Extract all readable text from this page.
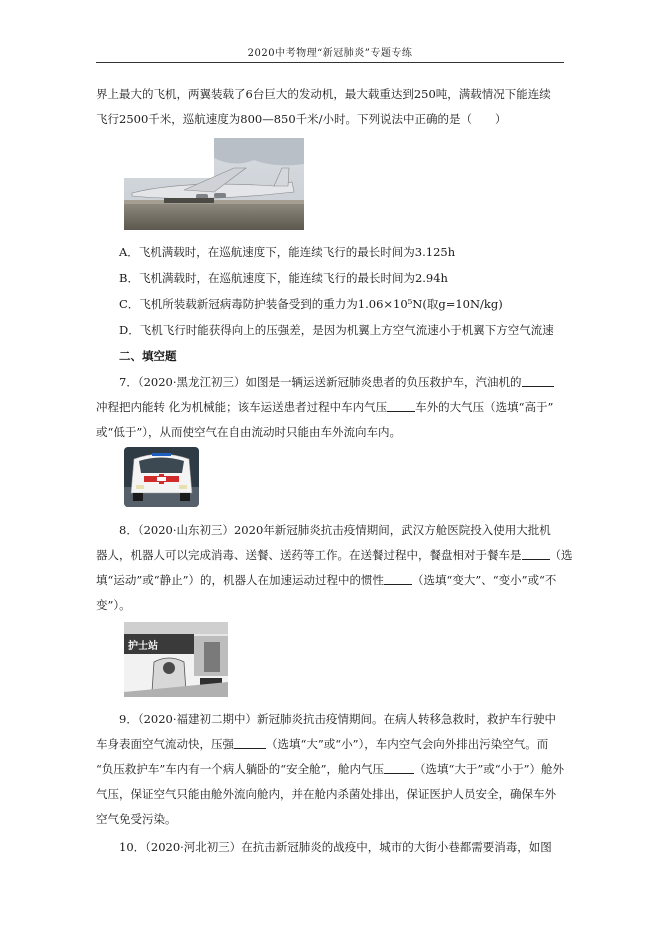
2020中考物理“新冠肺炎”专题专练
界上最大的飞机，两翼装载了6台巨大的发动机，最大载重达到250吨，满载情况下能连续
飞行2500千米，巡航速度为800—850千米/小时。下列说法中正确的是（　　）
A．飞机满载时，在巡航速度下，能连续飞行的最长时间为3.125h
B．飞机满载时，在巡航速度下，能连续飞行的最长时间为2.94h
C．飞机所装载新冠病毒防护装备受到的重力为1.06×10⁵N(取g=10N/kg)
D．飞机飞行时能获得向上的压强差，是因为机翼上方空气流速小于机翼下方空气流速
二、填空题
7．（2020·黑龙江初三）如图是一辆运送新冠肺炎患者的负压救护车，汽油机的
冲程把内能转 化为机械能；该车运送患者过程中车内气压 车外的大气压（选填“高于”
或“低于”），从而使空气在自由流动时只能由车外流向车内。
8．（2020·山东初三）2020年新冠肺炎抗击疫情期间，武汉方舱医院投入使用大批机
器人，机器人可以完成消毒、送餐、送药等工作。在送餐过程中，餐盘相对于餐车是 （选
填“运动”或“静止”）的，机器人在加速运动过程中的惯性 （选填“变大”、“变小”或“不
变”）。
护士站
9．（2020·福建初二期中）新冠肺炎抗击疫情期间。在病人转移急救时，救护车行驶中
车身表面空气流动快，压强	（选填“大”或“小”），车内空气会向外排出污染空气。而
“负压救护车”车内有一个病人躺卧的“安全舱”，舱内气压	（选填“大于”或“小于”）舱外
气压，保证空气只能由舱外流向舱内，并在舱内杀菌处排出，保证医护人员安全，确保车外
空气免受污染。
10．（2020·河北初三）在抗击新冠肺炎的战疫中，城市的大街小巷都需要消毒，如图
